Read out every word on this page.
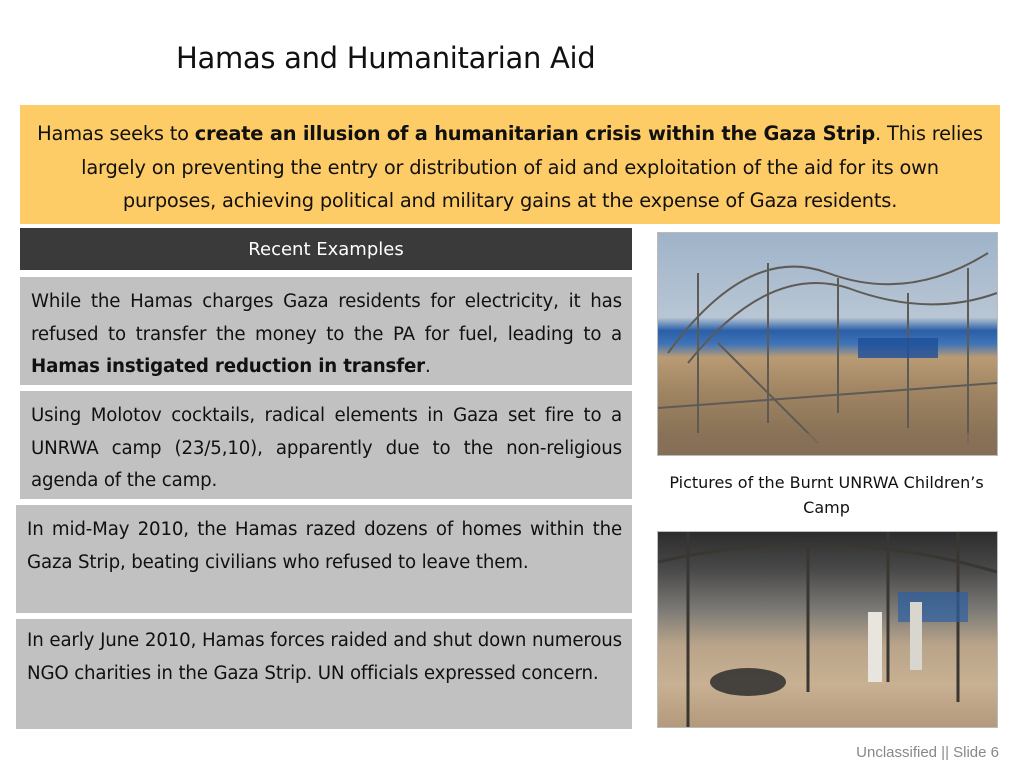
Hamas and Humanitarian Aid
Hamas seeks to create an illusion of a humanitarian crisis within the Gaza Strip. This relies largely on preventing the entry or distribution of aid and exploitation of the aid for its own purposes, achieving political and military gains at the expense of Gaza residents.
Recent Examples
While the Hamas charges Gaza residents for electricity, it has refused to transfer the money to the PA for fuel, leading to a Hamas instigated reduction in transfer.
Using Molotov cocktails, radical elements in Gaza set fire to a UNRWA camp (23/5,10), apparently due to the non-religious agenda of the camp.
In mid-May 2010, the Hamas razed dozens of homes within the Gaza Strip, beating civilians who refused to leave them.
In early June 2010, Hamas forces raided and shut down numerous NGO charities in the Gaza Strip. UN officials expressed concern.
Pictures of the Burnt UNRWA Children’s Camp
Unclassified || Slide 6
